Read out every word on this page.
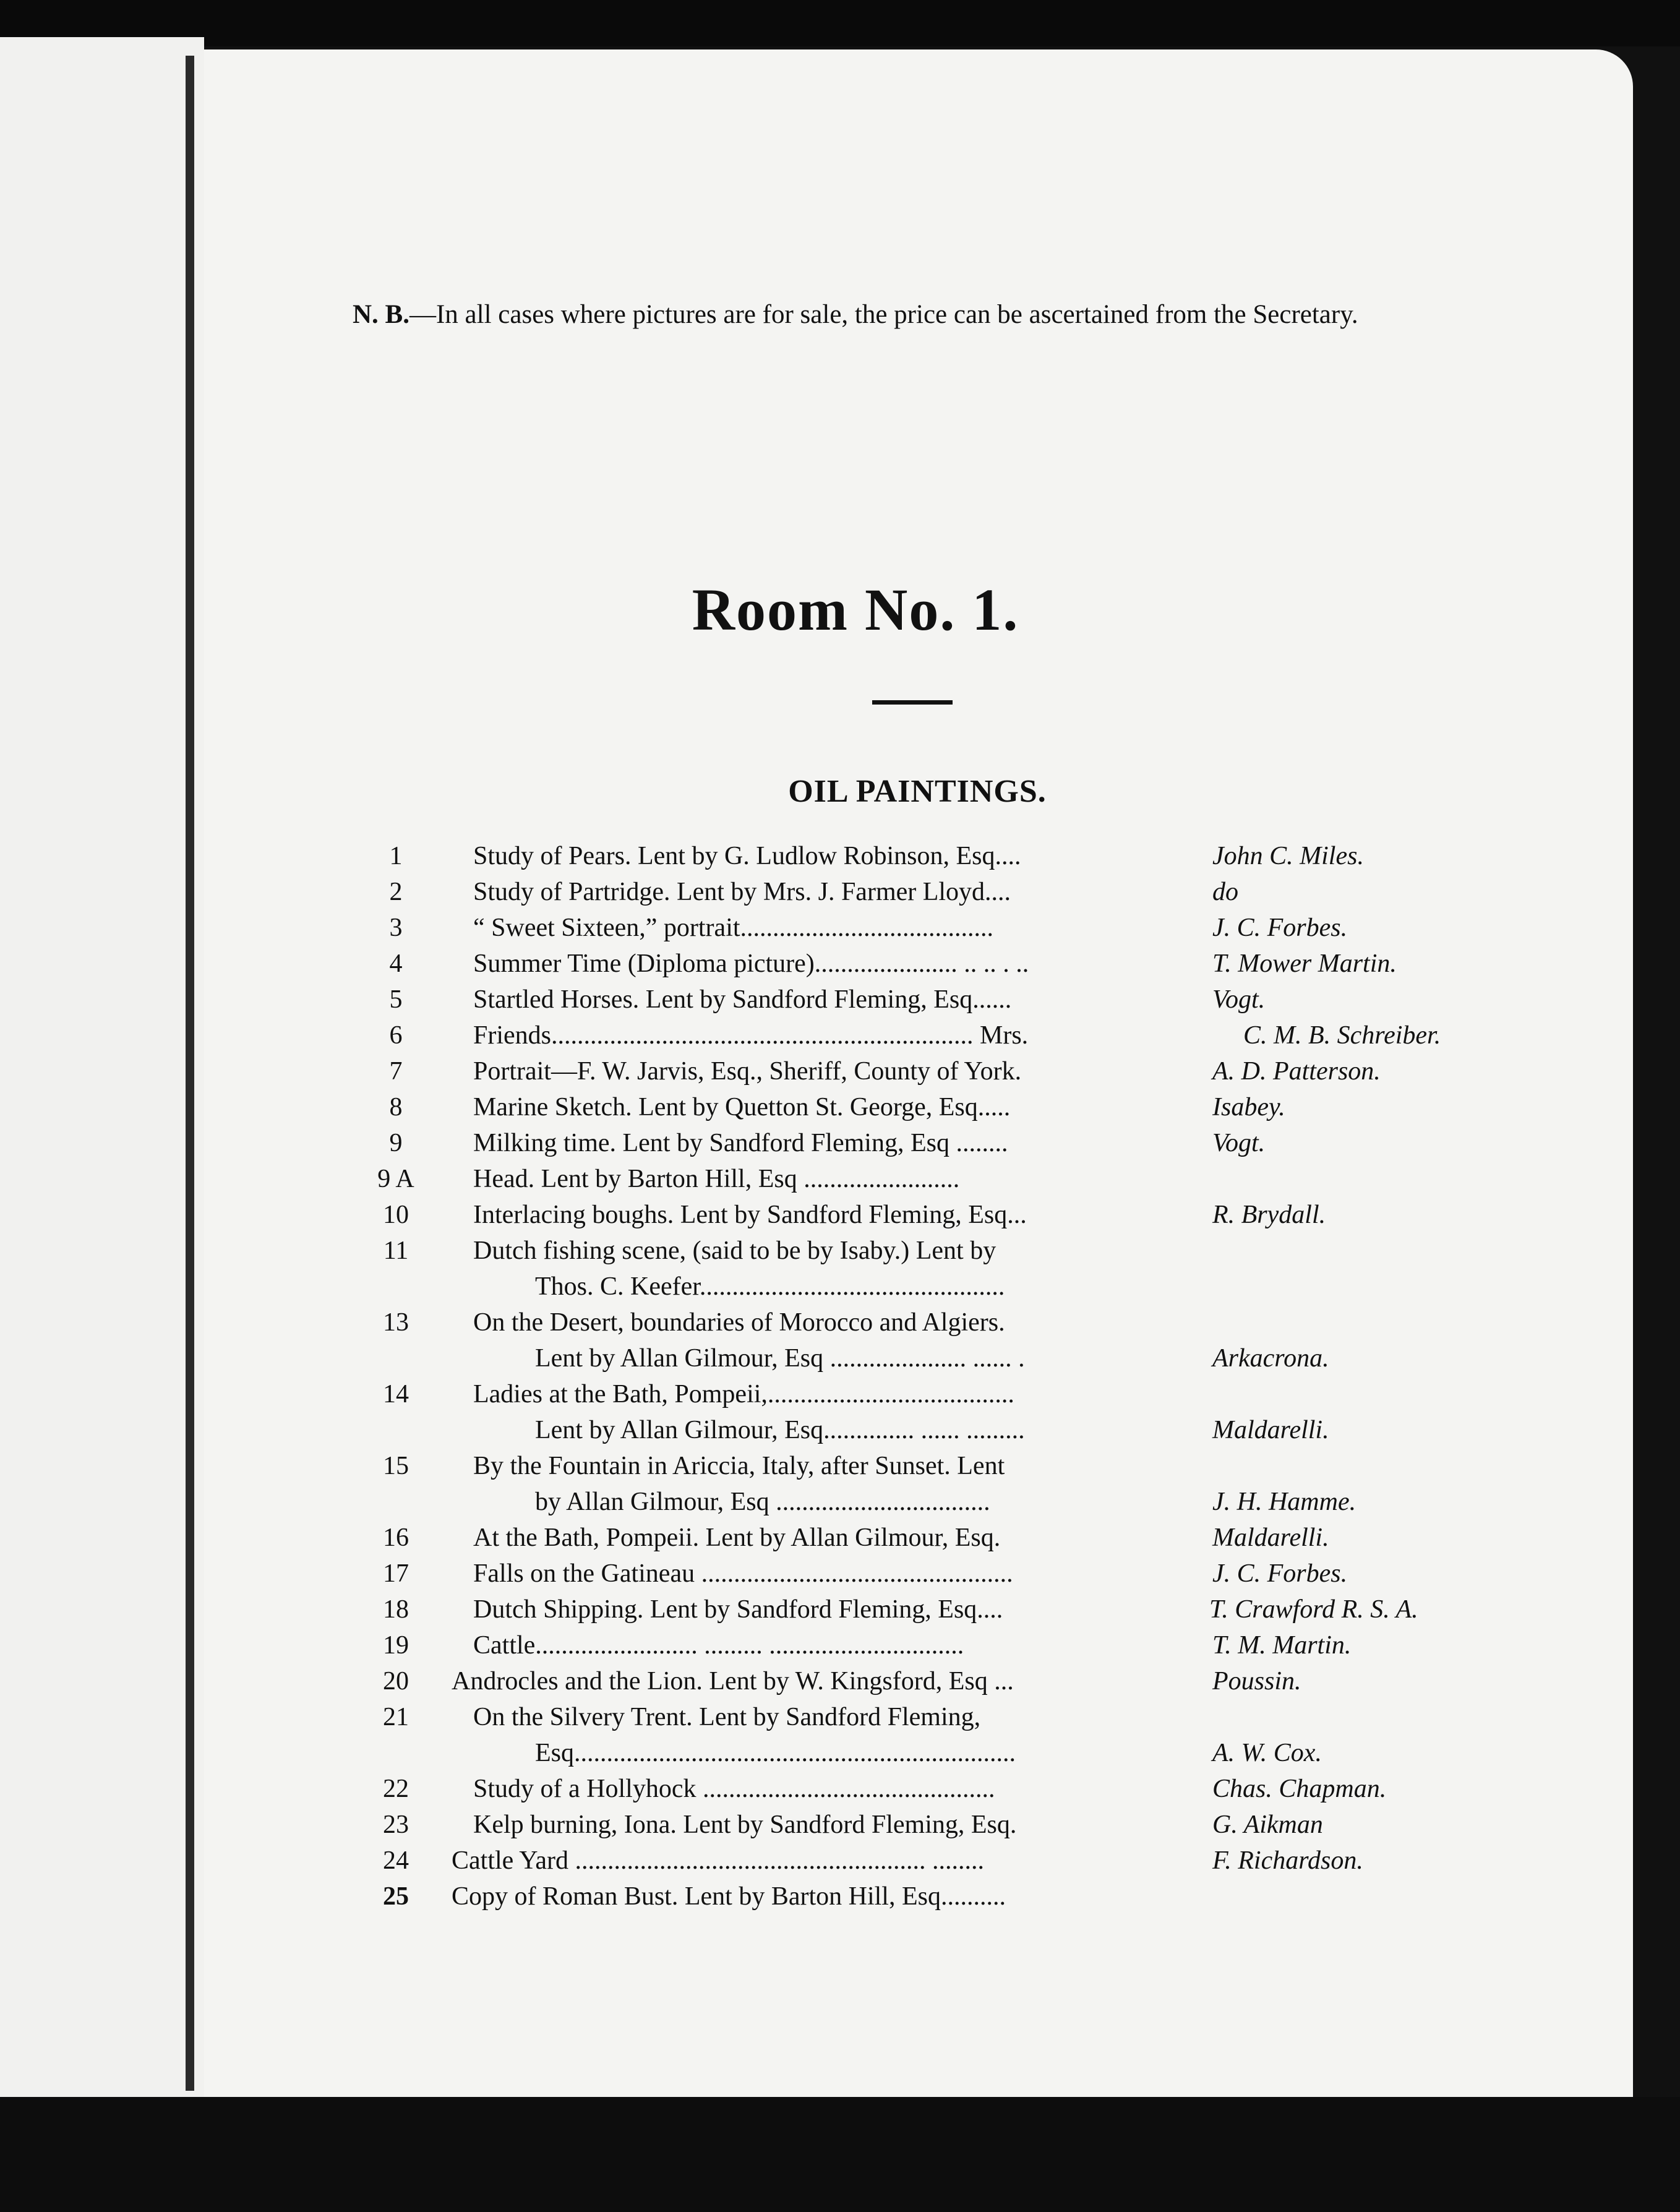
N. B.—In all cases where pictures are for sale, the price can be ascertained from the Secretary.
Room No. 1.
OIL PAINTINGS.
1	Study of Pears. Lent by G. Ludlow Robinson, Esq....	John C. Miles.
2	Study of Partridge. Lent by Mrs. J. Farmer Lloyd....	do
3	“ Sweet Sixteen,” portrait.......................................	J. C. Forbes.
4	Summer Time (Diploma picture)...................... .. .. . ..	T. Mower Martin.
5	Startled Horses. Lent by Sandford Fleming, Esq......	Vogt.
6	Friends................................................................. Mrs.	C. M. B. Schreiber.
7	Portrait—F. W. Jarvis, Esq., Sheriff, County of York.	A. D. Patterson.
8	Marine Sketch. Lent by Quetton St. George, Esq.....	Isabey.
9	Milking time. Lent by Sandford Fleming, Esq ........	Vogt.
9 A Head. Lent by Barton Hill, Esq ........................
10	Interlacing boughs. Lent by Sandford Fleming, Esq...	R. Brydall.
11	Dutch fishing scene, (said to be by Isaby.) Lent by
Thos. C. Keefer...............................................
13	On the Desert, boundaries of Morocco and Algiers.
Lent by Allan Gilmour, Esq ..................... ...... .	Arkacrona.
14	Ladies at the Bath, Pompeii,......................................
Lent by Allan Gilmour, Esq.............. ...... .........	Maldarelli.
15	By the Fountain in Ariccia, Italy, after Sunset. Lent
by Allan Gilmour, Esq .................................	J. H. Hamme.
16	At the Bath, Pompeii. Lent by Allan Gilmour, Esq.	Maldarelli.
17	Falls on the Gatineau ................................................	J. C. Forbes.
18	Dutch Shipping. Lent by Sandford Fleming, Esq....	T. Crawford R. S. A.
19	Cattle......................... ......... ..............................	T. M. Martin.
20	Androcles and the Lion. Lent by W. Kingsford, Esq ...	Poussin.
21	On the Silvery Trent. Lent by Sandford Fleming,
Esq....................................................................	A. W. Cox.
22	Study of a Hollyhock .............................................	Chas. Chapman.
23	Kelp burning, Iona. Lent by Sandford Fleming, Esq.	G. Aikman
24	Cattle Yard ...................................................... ........	F. Richardson.
25	Copy of Roman Bust. Lent by Barton Hill, Esq..........
